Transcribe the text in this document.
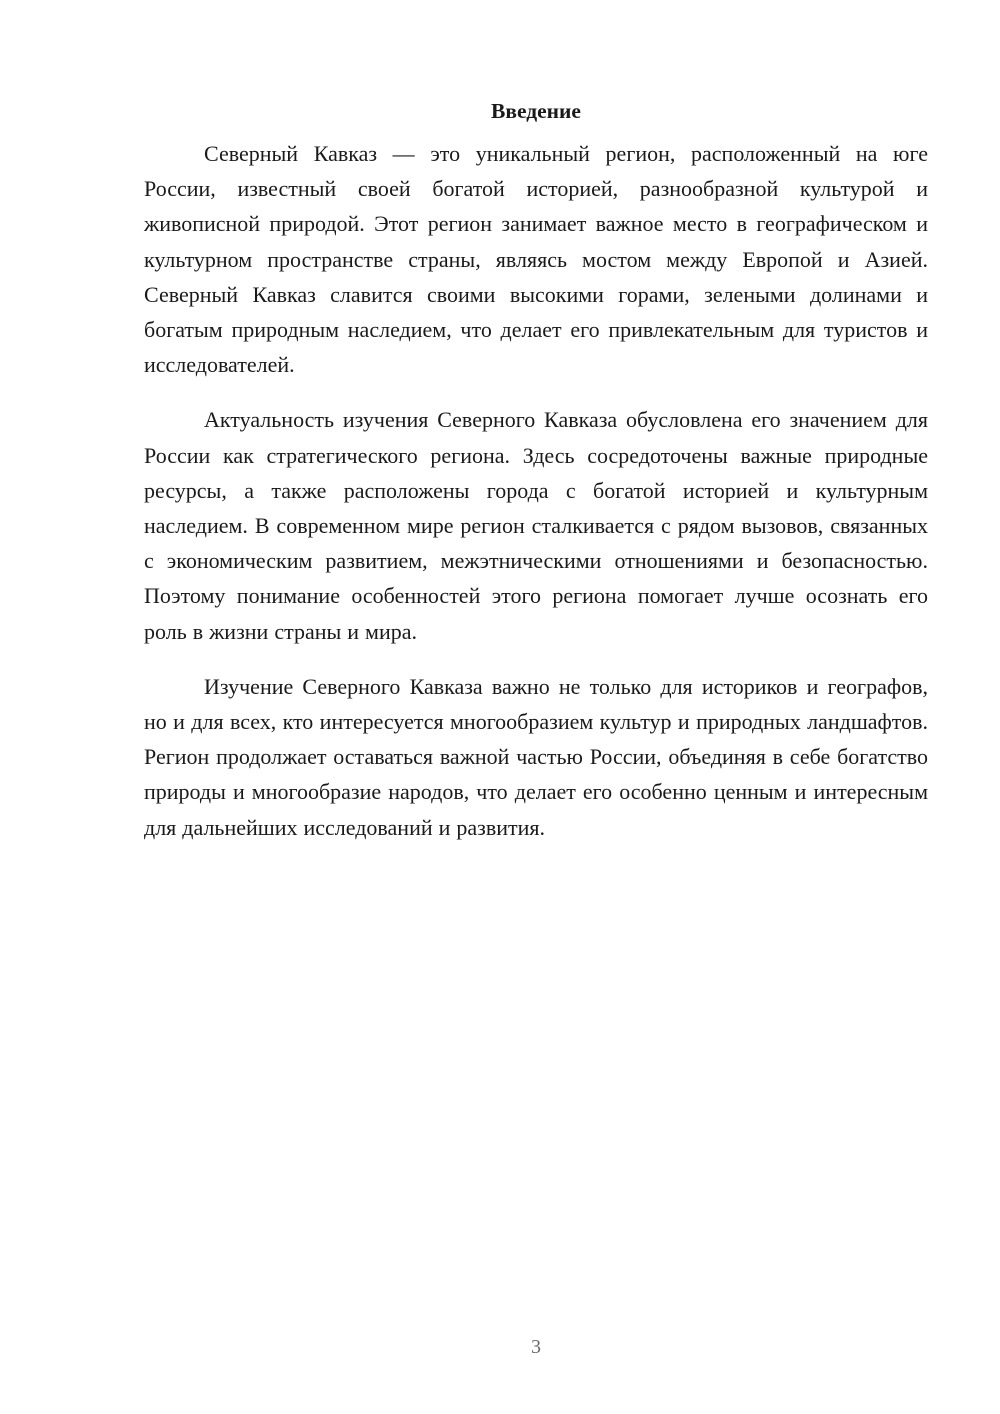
Введение

Северный Кавказ — это уникальный регион, расположенный на юге России, известный своей богатой историей, разнообразной культурой и живописной природой. Этот регион занимает важное место в географическом и культурном пространстве страны, являясь мостом между Европой и Азией. Северный Кавказ славится своими высокими горами, зелеными долинами и богатым природным наследием, что делает его привлекательным для туристов и исследователей.

Актуальность изучения Северного Кавказа обусловлена его значением для России как стратегического региона. Здесь сосредоточены важные природные ресурсы, а также расположены города с богатой историей и культурным наследием. В современном мире регион сталкивается с рядом вызовов, связанных с экономическим развитием, межэтническими отношениями и безопасностью. Поэтому понимание особенностей этого региона помогает лучше осознать его роль в жизни страны и мира.

Изучение Северного Кавказа важно не только для историков и географов, но и для всех, кто интересуется многообразием культур и природных ландшафтов. Регион продолжает оставаться важной частью России, объединяя в себе богатство природы и многообразие народов, что делает его особенно ценным и интересным для дальнейших исследований и развития.

3
